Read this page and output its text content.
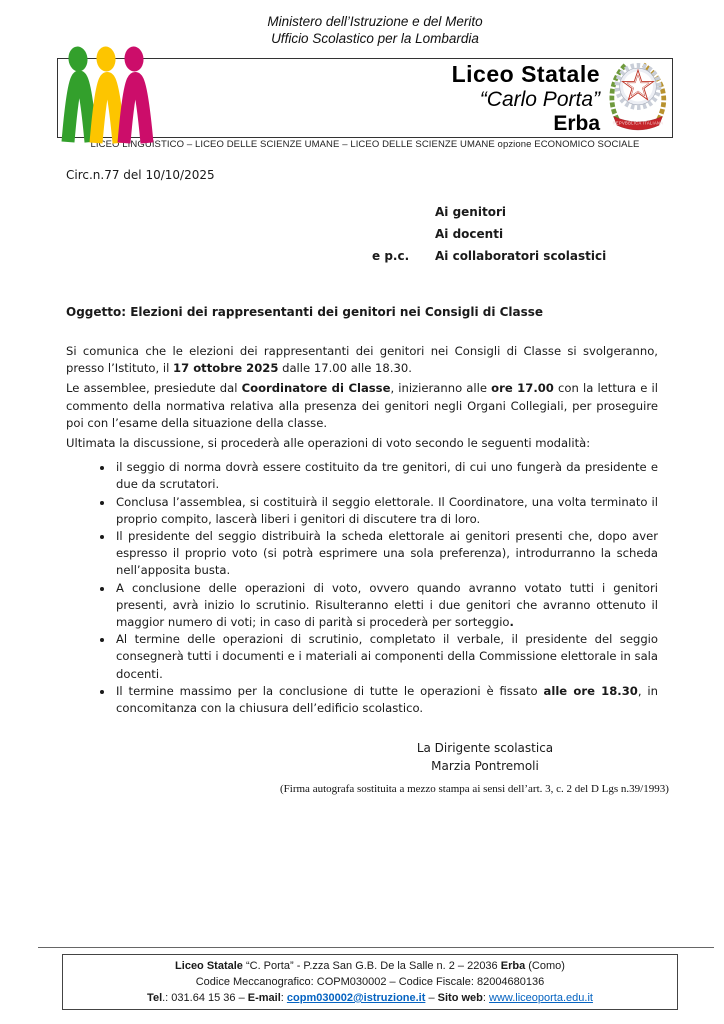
Ministero dell’Istruzione e del Merito
Ufficio Scolastico per la Lombardia
Liceo Statale
“Carlo Porta”
Erba REPVBBLICA ITALIANA
LICEO LINGUISTICO – LICEO DELLE SCIENZE UMANE – LICEO DELLE SCIENZE UMANE opzione ECONOMICO SOCIALE
Circ.n.77 del 10/10/2025
Ai genitori
Ai docenti
e p.c.	Ai collaboratori scolastici
Oggetto: Elezioni dei rappresentanti dei genitori nei Consigli di Classe

Si comunica che le elezioni dei rappresentanti dei genitori nei Consigli di Classe si svolgeranno, presso l’Istituto, il 17 ottobre 2025 dalle 17.00 alle 18.30.

Le assemblee, presiedute dal Coordinatore di Classe, inizieranno alle ore 17.00 con la lettura e il commento della normativa relativa alla presenza dei genitori negli Organi Collegiali, per proseguire poi con l’esame della situazione della classe.

Ultimata la discussione, si procederà alle operazioni di voto secondo le seguenti modalità:

• il seggio di norma dovrà essere costituito da tre genitori, di cui uno fungerà da presidente e due da scrutatori.
• Conclusa l’assemblea, si costituirà il seggio elettorale. Il Coordinatore, una volta terminato il proprio compito, lascerà liberi i genitori di discutere tra di loro.
• Il presidente del seggio distribuirà la scheda elettorale ai genitori presenti che, dopo aver espresso il proprio voto (si potrà esprimere una sola preferenza), introdurranno la scheda nell’apposita busta.
• A conclusione delle operazioni di voto, ovvero quando avranno votato tutti i genitori presenti, avrà inizio lo scrutinio. Risulteranno eletti i due genitori che avranno ottenuto il maggior numero di voti; in caso di parità si procederà per sorteggio.
• Al termine delle operazioni di scrutinio, completato il verbale, il presidente del seggio consegnerà tutti i documenti e i materiali ai componenti della Commissione elettorale in sala docenti.
• Il termine massimo per la conclusione di tutte le operazioni è fissato alle ore 18.30, in concomitanza con la chiusura dell’edificio scolastico.
La Dirigente scolastica
Marzia Pontremoli
(Firma autografa sostituita a mezzo stampa ai sensi dell’art. 3, c. 2 del D Lgs n.39/1993)
Liceo Statale “C. Porta” - P.zza San G.B. De la Salle n. 2 – 22036 Erba (Como)
Codice Meccanografico: COPM030002 – Codice Fiscale: 82004680136
Tel.: 031.64 15 36 – E-mail: copm030002@istruzione.it – Sito web: www.liceoporta.edu.it
